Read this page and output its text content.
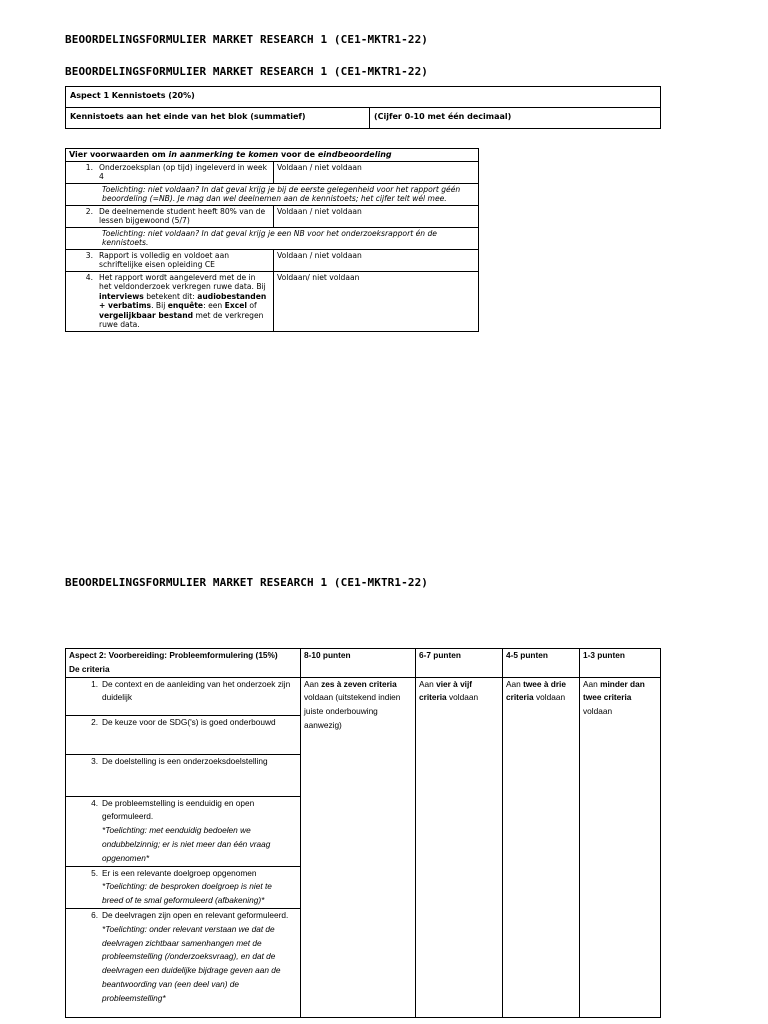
BEOORDELINGSFORMULIER MARKET RESEARCH 1 (CE1-MKTR1-22)
BEOORDELINGSFORMULIER MARKET RESEARCH 1 (CE1-MKTR1-22)
Aspect 1 Kennistoets (20%)
Kennistoets aan het einde van het blok (summatief)	(Cijfer 0-10 met één decimaal)
Vier voorwaarden om in aanmerking te komen voor de eindbeoordeling	
1. Onderzoeksplan (op tijd) ingeleverd in week 4	Voldaan / niet voldaan
Toelichting: niet voldaan? In dat geval krijg je bij de eerste gelegenheid voor het rapport géén beoordeling (=NB). Je mag dan wel deelnemen aan de kennistoets; het cijfer telt wél mee.	
2. De deelnemende student heeft 80% van de lessen bijgewoond (5/7)	Voldaan / niet voldaan
Toelichting: niet voldaan? In dat geval krijg je een NB voor het onderzoeksrapport én de kennistoets.	
3. Rapport is volledig en voldoet aan schriftelijke eisen opleiding CE	Voldaan / niet voldaan
4. Het rapport wordt aangeleverd met de in het veldonderzoek verkregen ruwe data. Bij interviews betekent dit: audiobestanden + verbatims. Bij enquête: een Excel of vergelijkbaar bestand met de verkregen ruwe data.	Voldaan/ niet voldaan
BEOORDELINGSFORMULIER MARKET RESEARCH 1 (CE1-MKTR1-22)
Aspect 2: Voorbereiding: Probleemformulering (15%)
De criteria	8-10 punten	6-7 punten	4-5 punten	1-3 punten
1. De context en de aanleiding van het onderzoek zijn duidelijk	Aan zes à zeven criteria voldaan (uitstekend indien juiste onderbouwing aanwezig)	Aan vier à vijf criteria voldaan	Aan twee à drie criteria voldaan	Aan minder dan twee criteria voldaan
2. De keuze voor de SDG('s) is goed onderbouwd				
3. De doelstelling is een onderzoeksdoelstelling				
4. De probleemstelling is eenduidig en open geformuleerd.
*Toelichting: met eenduidig bedoelen we ondubbelzinnig; er is niet meer dan één vraag opgenomen*				
5. Er is een relevante doelgroep opgenomen
*Toelichting: de besproken doelgroep is niet te breed of te smal geformuleerd (afbakening)*				
6. De deelvragen zijn open en relevant geformuleerd.
*Toelichting: onder relevant verstaan we dat de deelvragen zichtbaar samenhangen met de probleemstelling (/onderzoeksvraag), en dat de deelvragen een duidelijke bijdrage geven aan de beantwoording van (een deel van) de probleemstelling*				
